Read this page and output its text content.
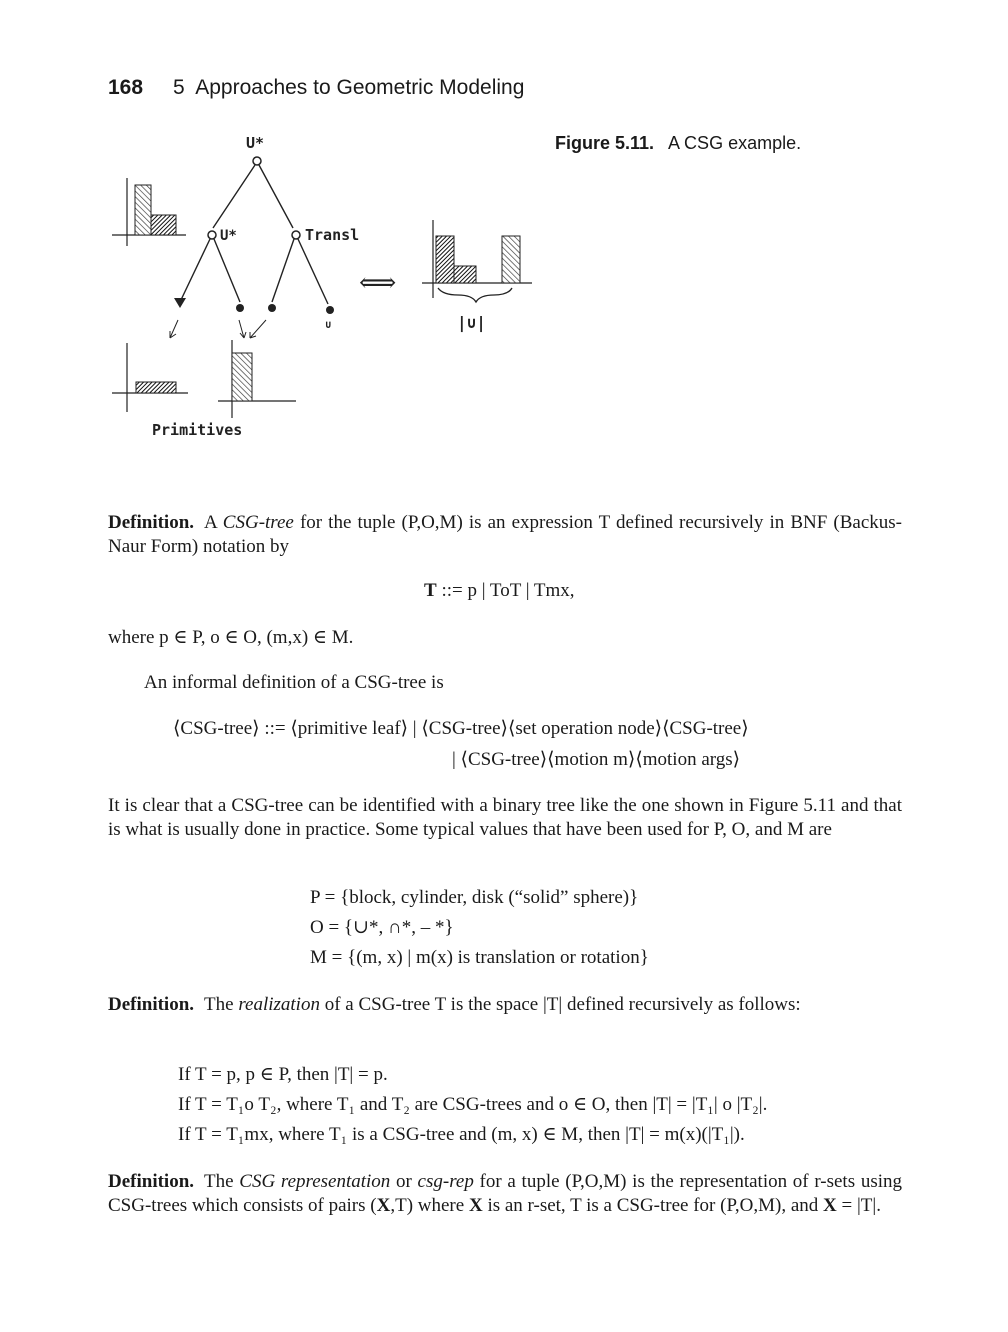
168 5  Approaches to Geometric Modeling
U*
U*	Transl
∪
Primitives
⟺
|∪|
Figure 5.11. A CSG example.
Definition. A CSG-tree for the tuple (P,O,M) is an expression T defined recursively in BNF (Backus-Naur Form) notation by
T ::= p | ToT | Tmx,
where p ∈ P, o ∈ O, (m,x) ∈ M.
An informal definition of a CSG-tree is
⟨CSG-tree⟩ ::= ⟨primitive leaf⟩ | ⟨CSG-tree⟩⟨set operation node⟩⟨CSG-tree⟩
| ⟨CSG-tree⟩⟨motion m⟩⟨motion args⟩
It is clear that a CSG-tree can be identified with a binary tree like the one shown in Figure 5.11 and that is what is usually done in practice. Some typical values that have been used for P, O, and M are
P = {block, cylinder, disk (“solid” sphere)}
O = {∪*, ∩*, – *}
M = {(m, x) | m(x) is translation or rotation}
Definition. The realization of a CSG-tree T is the space |T| defined recursively as follows:
If T = p, p ∈ P, then |T| = p.
If T = T₁o T₂, where T₁ and T₂ are CSG-trees and o ∈ O, then |T| = |T₁| o |T₂|.
If T = T₁mx, where T₁ is a CSG-tree and (m, x) ∈ M, then |T| = m(x)(|T₁|).
Definition. The CSG representation or csg-rep for a tuple (P,O,M) is the representation of r-sets using CSG-trees which consists of pairs (X,T) where X is an r-set, T is a CSG-tree for (P,O,M), and X = |T|.
